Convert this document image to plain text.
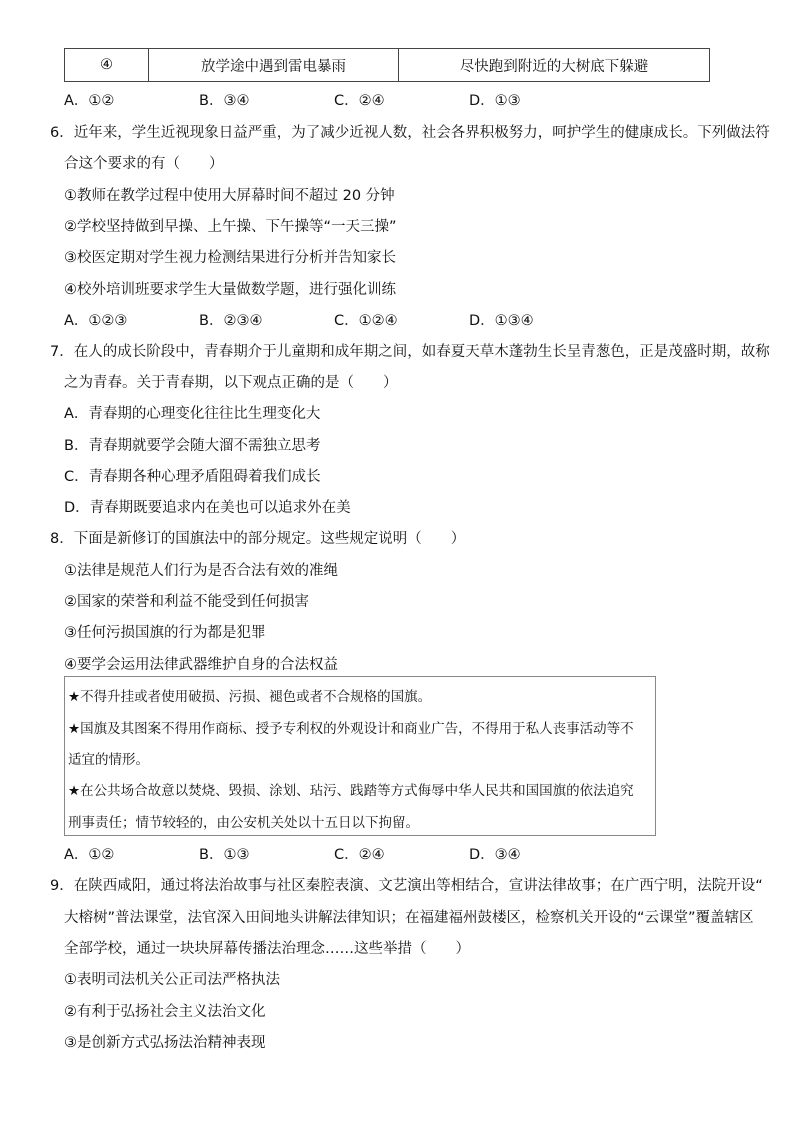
④	放学途中遇到雷电暴雨	尽快跑到附近的大树底下躲避
A．①②	B．③④	C．②④	D．①③
6．近年来，学生近视现象日益严重，为了减少近视人数，社会各界积极努力，呵护学生的健康成长。下列做法符
合这个要求的有（　　）
①教师在教学过程中使用大屏幕时间不超过 20 分钟
②学校坚持做到早操、上午操、下午操等“一天三操”
③校医定期对学生视力检测结果进行分析并告知家长
④校外培训班要求学生大量做数学题，进行强化训练
A．①②③	B．②③④	C．①②④	D．①③④
7．在人的成长阶段中，青春期介于儿童期和成年期之间，如春夏天草木蓬勃生长呈青葱色，正是茂盛时期，故称
之为青春。关于青春期，以下观点正确的是（　　）
A．青春期的心理变化往往比生理变化大
B．青春期就要学会随大溜不需独立思考
C．青春期各种心理矛盾阻碍着我们成长
D．青春期既要追求内在美也可以追求外在美
8．下面是新修订的国旗法中的部分规定。这些规定说明（　　）
①法律是规范人们行为是否合法有效的准绳
②国家的荣誉和利益不能受到任何损害
③任何污损国旗的行为都是犯罪
④要学会运用法律武器维护自身的合法权益
★不得升挂或者使用破损、污损、褪色或者不合规格的国旗。
★国旗及其图案不得用作商标、授予专利权的外观设计和商业广告，不得用于私人丧事活动等不
适宜的情形。
★在公共场合故意以焚烧、毁损、涂划、玷污、践踏等方式侮辱中华人民共和国国旗的依法追究
刑事责任；情节较轻的，由公安机关处以十五日以下拘留。
A．①②	B．①③	C．②④	D．③④
9．在陕西咸阳，通过将法治故事与社区秦腔表演、文艺演出等相结合，宣讲法律故事；在广西宁明，法院开设“
大榕树”普法课堂，法官深入田间地头讲解法律知识；在福建福州鼓楼区，检察机关开设的“云课堂”覆盖辖区
全部学校，通过一块块屏幕传播法治理念……这些举措（　　）
①表明司法机关公正司法严格执法
②有利于弘扬社会主义法治文化
③是创新方式弘扬法治精神表现
